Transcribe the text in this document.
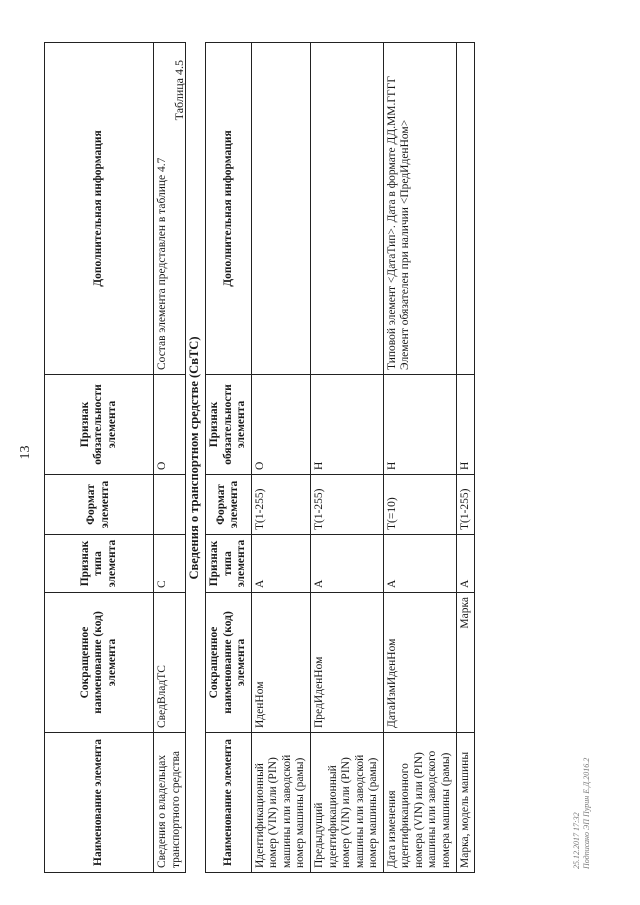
13
Наименование элемента	Сокращенное наименование (код) элемента	Признак типа элемента	Формат элемента	Признак обязательности элемента	Дополнительная информация
Сведения о владельцах транспортного средства	СведВладТС	С		О	Состав элемента представлен в таблице 4.7
Таблица 4.5
Сведения о транспортном средстве (СвТС)
Наименование элемента	Сокращенное наименование (код) элемента	Признак типа элемента	Формат элемента	Признак обязательности элемента	Дополнительная информация
Идентификационный номер (VIN) или (PIN) машины или заводской номер машины (рамы)	ИденНом	А	T(1-255)	О	
Предыдущий идентификационный номер (VIN) или (PIN) машины или заводской номер машины (рамы)	ПредИденНом	А	T(1-255)	Н	
Дата изменения идентификационного номера (VIN) или (PIN) машины или заводского номера машины (рамы)	ДатаИзмИденНом	А	T(=10)	Н	Типовой элемент <ДатаТип>. Дата в формате ДД.ММ.ГГГГ Элемент обязателен при наличии <ПредИденНом>
Марка, модель машины	Марка	А	T(1-255)	Н	
25.12.2017 17:32 Подписано ЭП Пурин Е.Д.2016.2
